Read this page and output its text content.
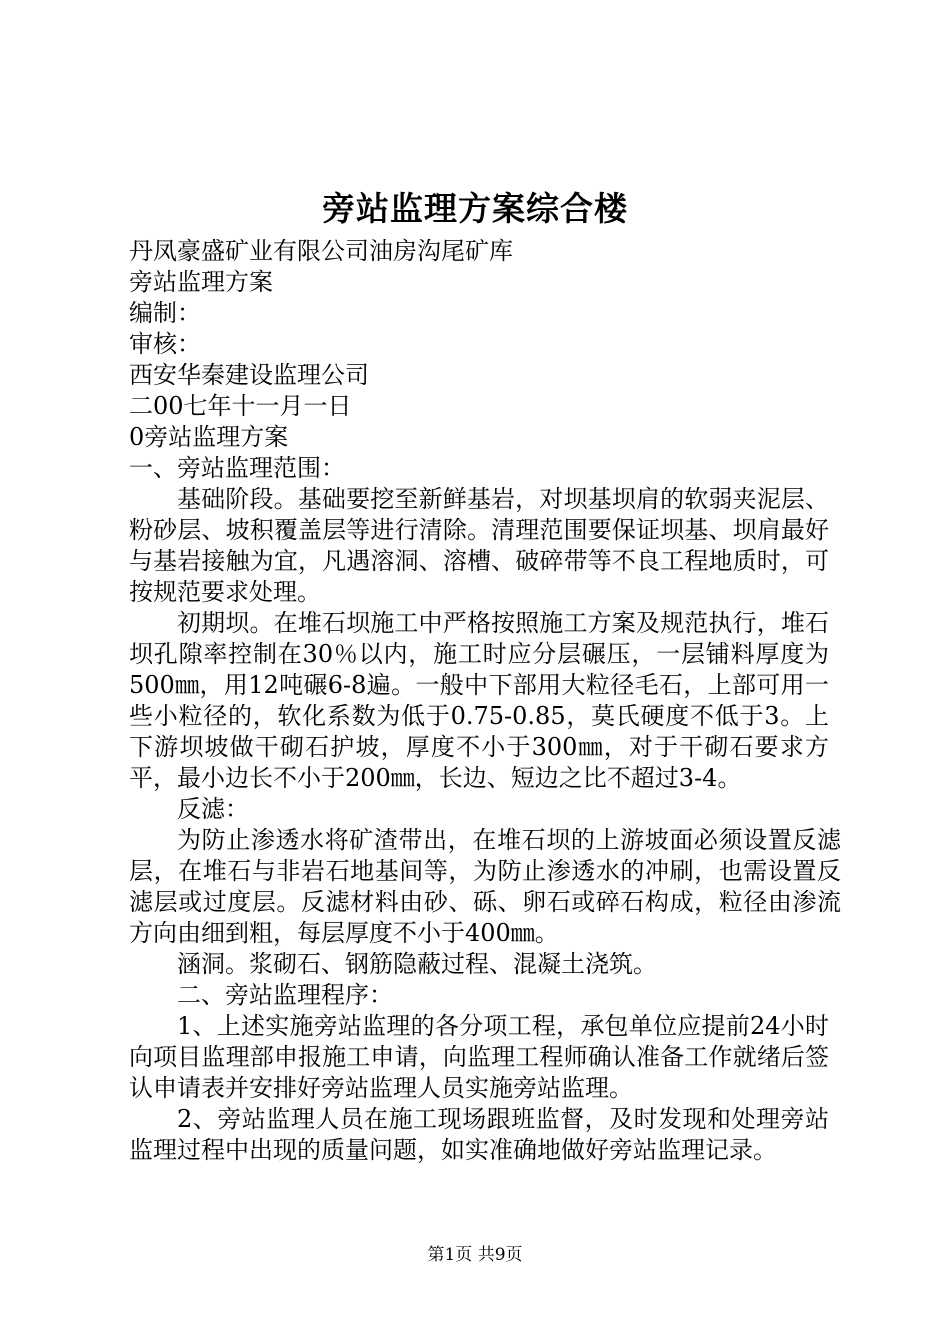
旁站监理方案综合楼
丹凤豪盛矿业有限公司油房沟尾矿库
旁站监理方案
编制：
审核：
西安华秦建设监理公司
二00七年十一月一日
0旁站监理方案
一、旁站监理范围：
基础阶段。基础要挖至新鲜基岩，对坝基坝肩的软弱夹泥层、粉砂层、坡积覆盖层等进行清除。清理范围要保证坝基、坝肩最好与基岩接触为宜，凡遇溶洞、溶槽、破碎带等不良工程地质时，可按规范要求处理。
初期坝。在堆石坝施工中严格按照施工方案及规范执行，堆石坝孔隙率控制在30％以内，施工时应分层碾压，一层铺料厚度为500㎜，用12吨碾6-8遍。一般中下部用大粒径毛石，上部可用一些小粒径的，软化系数为低于0.75-0.85，莫氏硬度不低于3。上下游坝坡做干砌石护坡，厚度不小于300㎜，对于干砌石要求方平，最小边长不小于200㎜，长边、短边之比不超过3-4。
反滤：
为防止渗透水将矿渣带出，在堆石坝的上游坡面必须设置反滤层，在堆石与非岩石地基间等，为防止渗透水的冲刷，也需设置反滤层或过度层。反滤材料由砂、砾、卵石或碎石构成，粒径由渗流方向由细到粗，每层厚度不小于400㎜。
涵洞。浆砌石、钢筋隐蔽过程、混凝土浇筑。
二、旁站监理程序：
1、上述实施旁站监理的各分项工程，承包单位应提前24小时向项目监理部申报施工申请，向监理工程师确认准备工作就绪后签认申请表并安排好旁站监理人员实施旁站监理。
2、旁站监理人员在施工现场跟班监督，及时发现和处理旁站监理过程中出现的质量问题，如实准确地做好旁站监理记录。
第1页 共9页
